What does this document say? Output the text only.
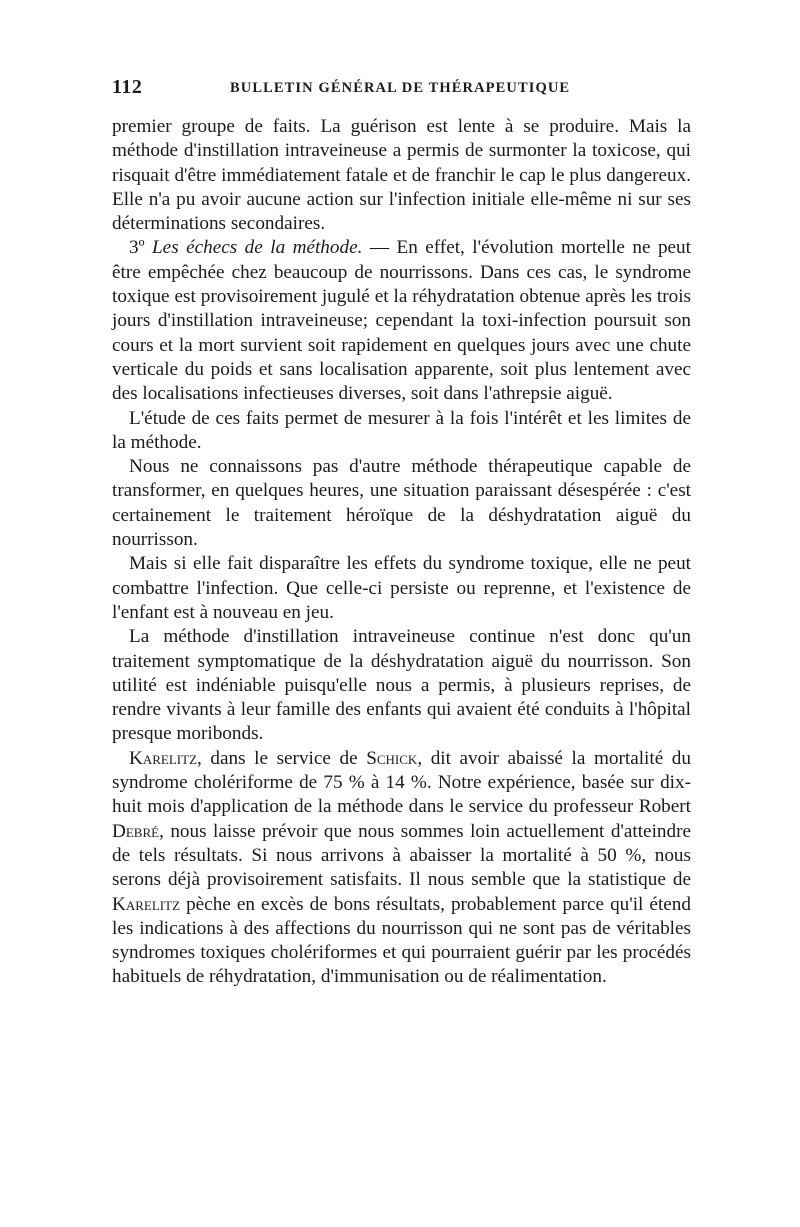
112	BULLETIN GÉNÉRAL DE THÉRAPEUTIQUE

premier groupe de faits. La guérison est lente à se produire. Mais la méthode d'instillation intraveineuse a permis de surmonter la toxicose, qui risquait d'être immédiatement fatale et de franchir le cap le plus dangereux. Elle n'a pu avoir aucune action sur l'infection initiale elle-même ni sur ses déterminations secondaires.

3º Les échecs de la méthode. — En effet, l'évolution mortelle ne peut être empêchée chez beaucoup de nourrissons. Dans ces cas, le syndrome toxique est provisoirement jugulé et la réhydratation obtenue après les trois jours d'instillation intraveineuse; cependant la toxi-infection poursuit son cours et la mort survient soit rapidement en quelques jours avec une chute verticale du poids et sans localisation apparente, soit plus lentement avec des localisations infectieuses diverses, soit dans l'athrepsie aiguë.

L'étude de ces faits permet de mesurer à la fois l'intérêt et les limites de la méthode.

Nous ne connaissons pas d'autre méthode thérapeutique capable de transformer, en quelques heures, une situation paraissant désespérée : c'est certainement le traitement héroïque de la déshydratation aiguë du nourrisson.

Mais si elle fait disparaître les effets du syndrome toxique, elle ne peut combattre l'infection. Que celle-ci persiste ou reprenne, et l'existence de l'enfant est à nouveau en jeu.

La méthode d'instillation intraveineuse continue n'est donc qu'un traitement symptomatique de la déshydratation aiguë du nourrisson. Son utilité est indéniable puisqu'elle nous a permis, à plusieurs reprises, de rendre vivants à leur famille des enfants qui avaient été conduits à l'hôpital presque moribonds.

Karelitz, dans le service de Schick, dit avoir abaissé la mortalité du syndrome cholériforme de 75 % à 14 %. Notre expérience, basée sur dix-huit mois d'application de la méthode dans le service du professeur Robert Debré, nous laisse prévoir que nous sommes loin actuellement d'atteindre de tels résultats. Si nous arrivons à abaisser la mortalité à 50 %, nous serons déjà provisoirement satisfaits. Il nous semble que la statistique de Karelitz pèche en excès de bons résultats, probablement parce qu'il étend les indications à des affections du nourrisson qui ne sont pas de véritables syndromes toxiques cholériformes et qui pourraient guérir par les procédés habituels de réhydratation, d'immunisation ou de réalimentation.
